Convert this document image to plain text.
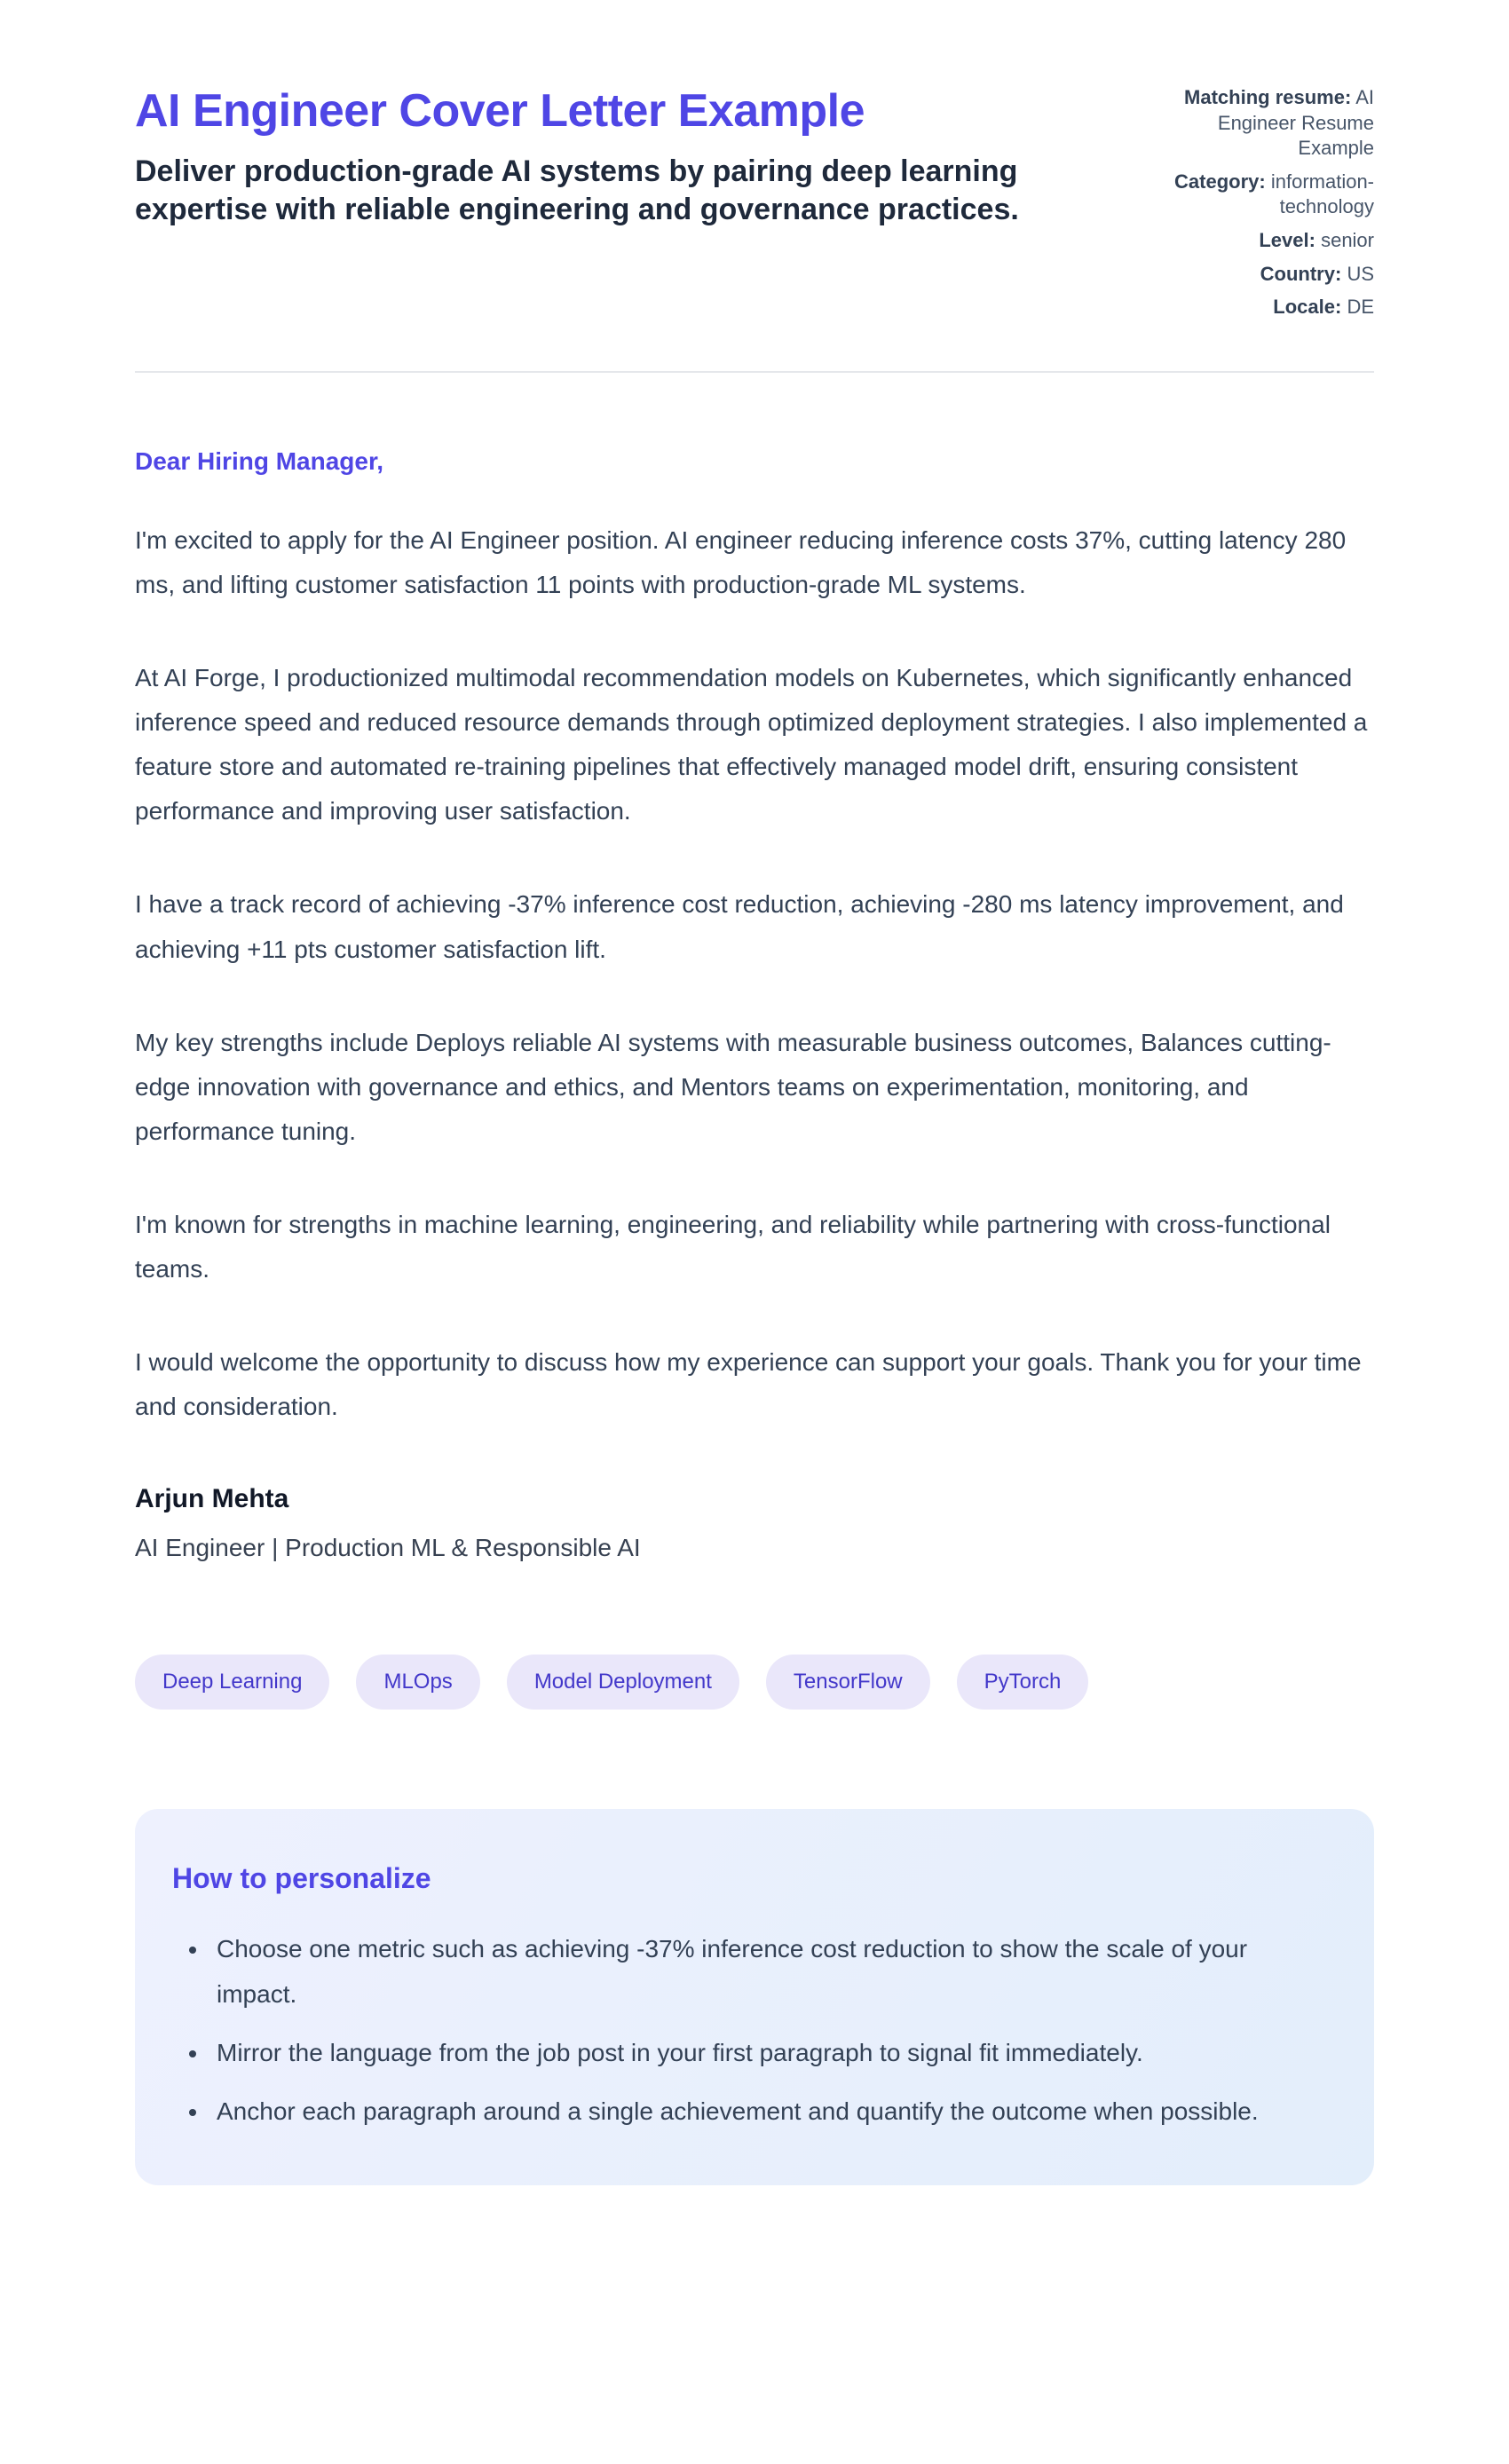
AI Engineer Cover Letter Example
Deliver production-grade AI systems by pairing deep learning expertise with reliable engineering and governance practices.
Matching resume: AI Engineer Resume Example
Category: information-technology
Level: senior
Country: US
Locale: DE

Dear Hiring Manager,

I'm excited to apply for the AI Engineer position. AI engineer reducing inference costs 37%, cutting latency 280 ms, and lifting customer satisfaction 11 points with production-grade ML systems.

At AI Forge, I productionized multimodal recommendation models on Kubernetes, which significantly enhanced inference speed and reduced resource demands through optimized deployment strategies. I also implemented a feature store and automated re-training pipelines that effectively managed model drift, ensuring consistent performance and improving user satisfaction.

I have a track record of achieving -37% inference cost reduction, achieving -280 ms latency improvement, and achieving +11 pts customer satisfaction lift.

My key strengths include Deploys reliable AI systems with measurable business outcomes, Balances cutting-edge innovation with governance and ethics, and Mentors teams on experimentation, monitoring, and performance tuning.

I'm known for strengths in machine learning, engineering, and reliability while partnering with cross-functional teams.

I would welcome the opportunity to discuss how my experience can support your goals. Thank you for your time and consideration.

Arjun Mehta

AI Engineer | Production ML & Responsible AI

Deep Learning	MLOps	Model Deployment	TensorFlow	PyTorch
How to personalize
• Choose one metric such as achieving -37% inference cost reduction to show the scale of your impact.
• Mirror the language from the job post in your first paragraph to signal fit immediately.
• Anchor each paragraph around a single achievement and quantify the outcome when possible.
